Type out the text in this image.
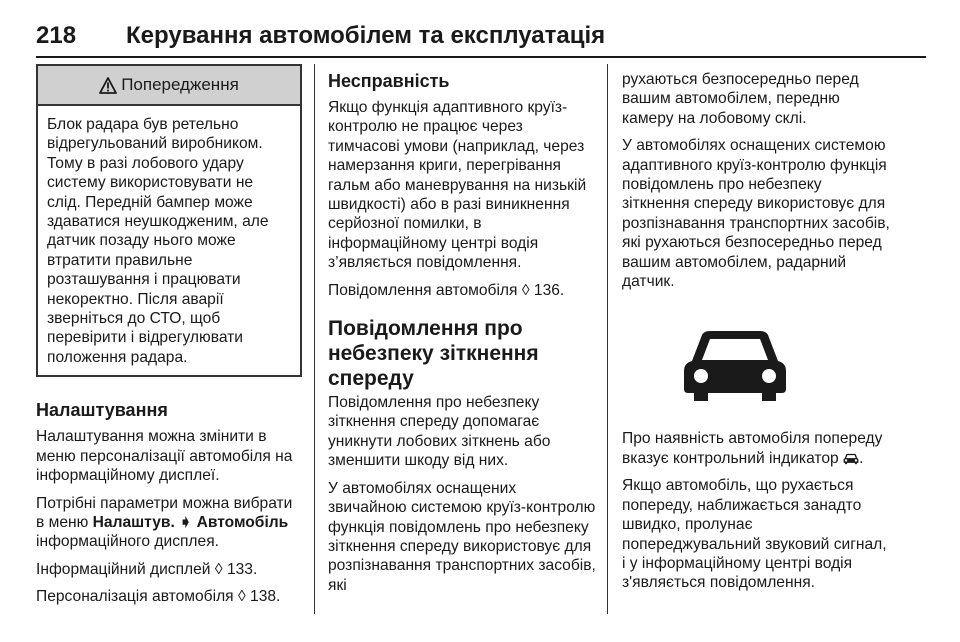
218 Керування автомобілем та експлуатація
Попередження
Блок радара був ретельно відрегульований виробником. Тому в разі лобового удару систему використовувати не слід. Передній бампер може здаватися неушкодженим, але датчик позаду нього може втратити правильне розташування і працювати некоректно. Після аварії зверніться до СТО, щоб перевірити і відрегулювати положення радара.
Налаштування

Налаштування можна змінити в меню персоналізації автомобіля на інформаційному дисплеї.

Потрібні параметри можна вибрати в меню Налаштув. ➧ Автомобіль інформаційного дисплея.

Інформаційний дисплей ◊ 133.

Персоналізація автомобіля ◊ 138.

Несправність

Якщо функція адаптивного круїз-контролю не працює через тимчасові умови (наприклад, через намерзання криги, перегрівання гальм або маневрування на низькій швидкості) або в разі виникнення серйозної помилки, в інформаційному центрі водія з’являється повідомлення.

Повідомлення автомобіля ◊ 136.

Повідомлення про небезпеку зіткнення спереду

Повідомлення про небезпеку зіткнення спереду допомагає уникнути лобових зіткнень або зменшити шкоду від них.

У автомобілях оснащених звичайною системою круїз-контролю функція повідомлень про небезпеку зіткнення спереду використовує для розпізнавання транспортних засобів, які

рухаються безпосередньо перед вашим автомобілем, передню камеру на лобовому склі.

У автомобілях оснащених системою адаптивного круїз-контролю функція повідомлень про небезпеку зіткнення спереду використовує для розпізнавання транспортних засобів, які рухаються безпосередньо перед вашим автомобілем, радарний датчик.

Про наявність автомобіля попереду вказує контрольний індикатор .

Якщо автомобіль, що рухається попереду, наближається занадто швидко, пролунає попереджувальний звуковий сигнал, і у інформаційному центрі водія з'являється повідомлення.
